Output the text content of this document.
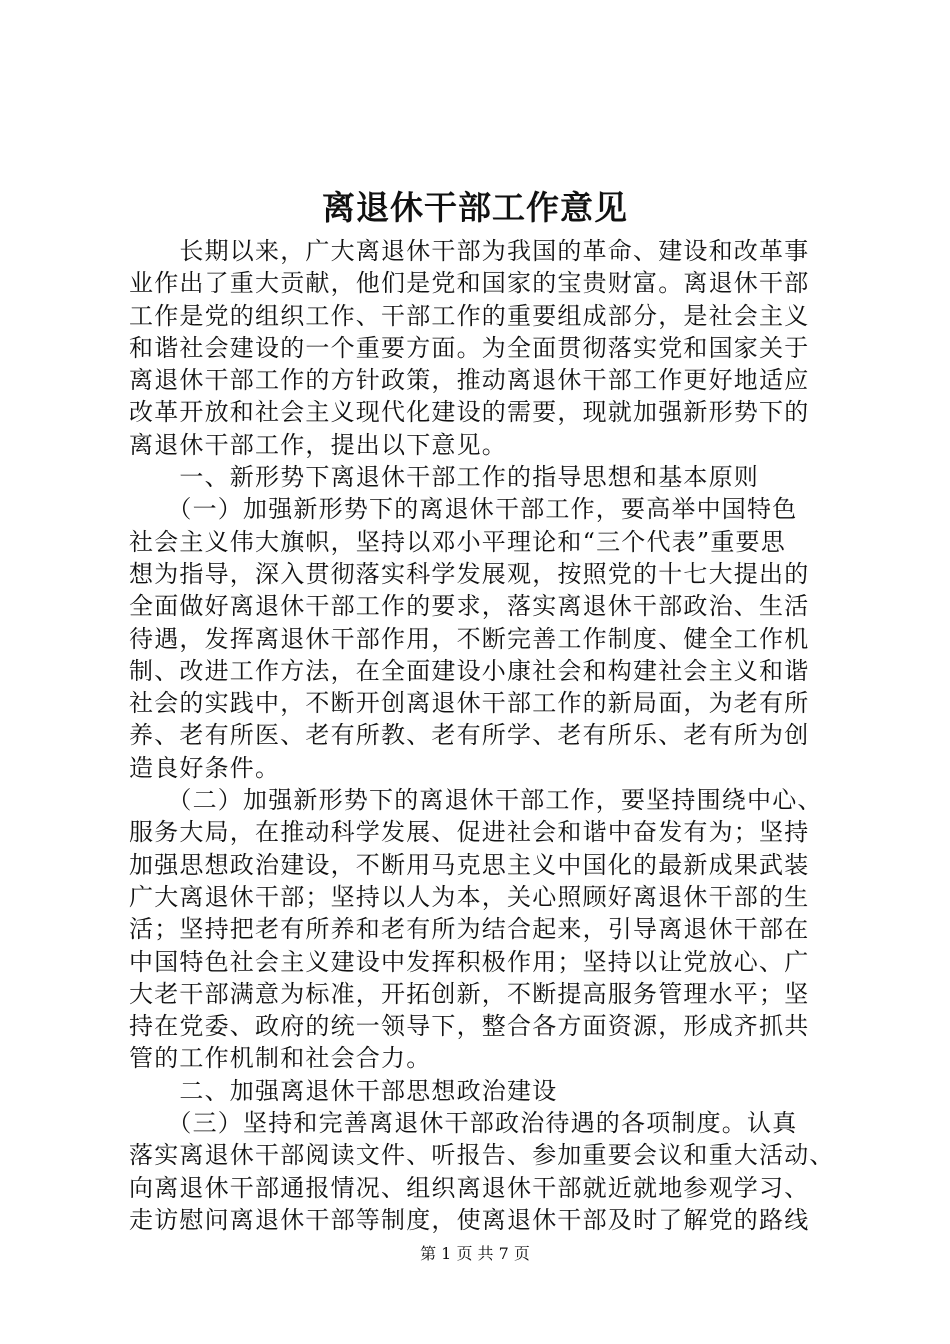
离退休干部工作意见
　　长期以来，广大离退休干部为我国的革命、建设和改革事
业作出了重大贡献，他们是党和国家的宝贵财富。离退休干部
工作是党的组织工作、干部工作的重要组成部分，是社会主义
和谐社会建设的一个重要方面。为全面贯彻落实党和国家关于
离退休干部工作的方针政策，推动离退休干部工作更好地适应
改革开放和社会主义现代化建设的需要，现就加强新形势下的
离退休干部工作，提出以下意见。
　　一、新形势下离退休干部工作的指导思想和基本原则
　　（一）加强新形势下的离退休干部工作，要高举中国特色
社会主义伟大旗帜，坚持以邓小平理论和“三个代表”重要思
想为指导，深入贯彻落实科学发展观，按照党的十七大提出的
全面做好离退休干部工作的要求，落实离退休干部政治、生活
待遇，发挥离退休干部作用，不断完善工作制度、健全工作机
制、改进工作方法，在全面建设小康社会和构建社会主义和谐
社会的实践中，不断开创离退休干部工作的新局面，为老有所
养、老有所医、老有所教、老有所学、老有所乐、老有所为创
造良好条件。
　　（二）加强新形势下的离退休干部工作，要坚持围绕中心、
服务大局，在推动科学发展、促进社会和谐中奋发有为；坚持
加强思想政治建设，不断用马克思主义中国化的最新成果武装
广大离退休干部；坚持以人为本，关心照顾好离退休干部的生
活；坚持把老有所养和老有所为结合起来，引导离退休干部在
中国特色社会主义建设中发挥积极作用；坚持以让党放心、广
大老干部满意为标准，开拓创新，不断提高服务管理水平；坚
持在党委、政府的统一领导下，整合各方面资源，形成齐抓共
管的工作机制和社会合力。
　　二、加强离退休干部思想政治建设
　　（三）坚持和完善离退休干部政治待遇的各项制度。认真
落实离退休干部阅读文件、听报告、参加重要会议和重大活动、
向离退休干部通报情况、组织离退休干部就近就地参观学习、
走访慰问离退休干部等制度，使离退休干部及时了解党的路线
第 1 页 共 7 页
